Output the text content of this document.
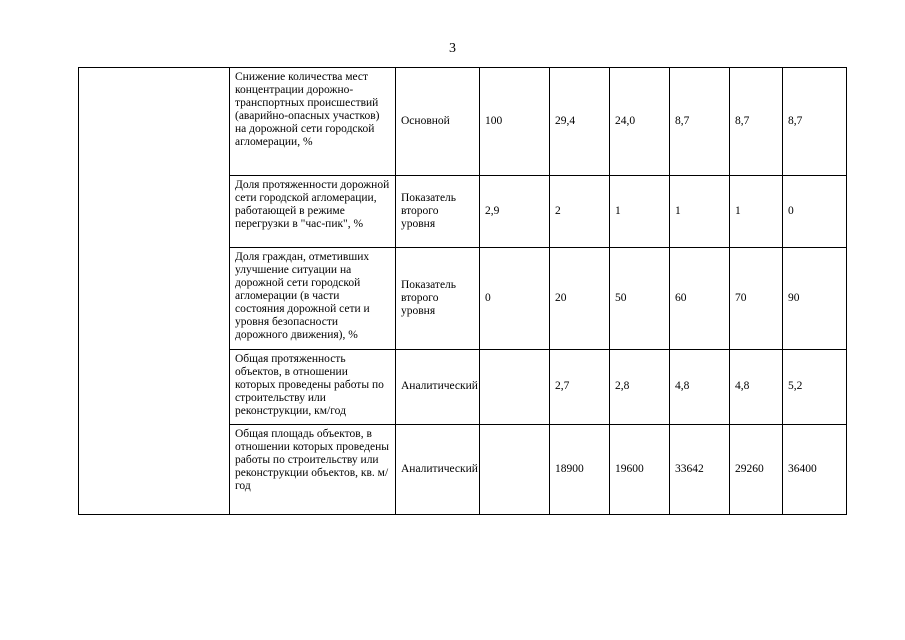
3
	Снижение количества мест концентрации дорожно-транспортных происшествий (аварийно-опасных участков) на дорожной сети городской агломерации, %	Основной	100	29,4	24,0	8,7	8,7	8,7
	Доля протяженности дорожной сети городской агломерации, работающей в режиме перегрузки в "час-пик", %	Показатель второго уровня	2,9	2	1	1	1	0
	Доля граждан, отметивших улучшение ситуации на дорожной сети городской агломерации (в части состояния дорожной сети и уровня безопасности дорожного движения), %	Показатель второго уровня	0	20	50	60	70	90
	Общая протяженность объектов, в отношении которых проведены работы по строительству или реконструкции, км/год	Аналитический		2,7	2,8	4,8	4,8	5,2
	Общая площадь объектов, в отношении которых проведены работы по строительству или реконструкции объектов, кв. м/год	Аналитический		18900	19600	33642	29260	36400
